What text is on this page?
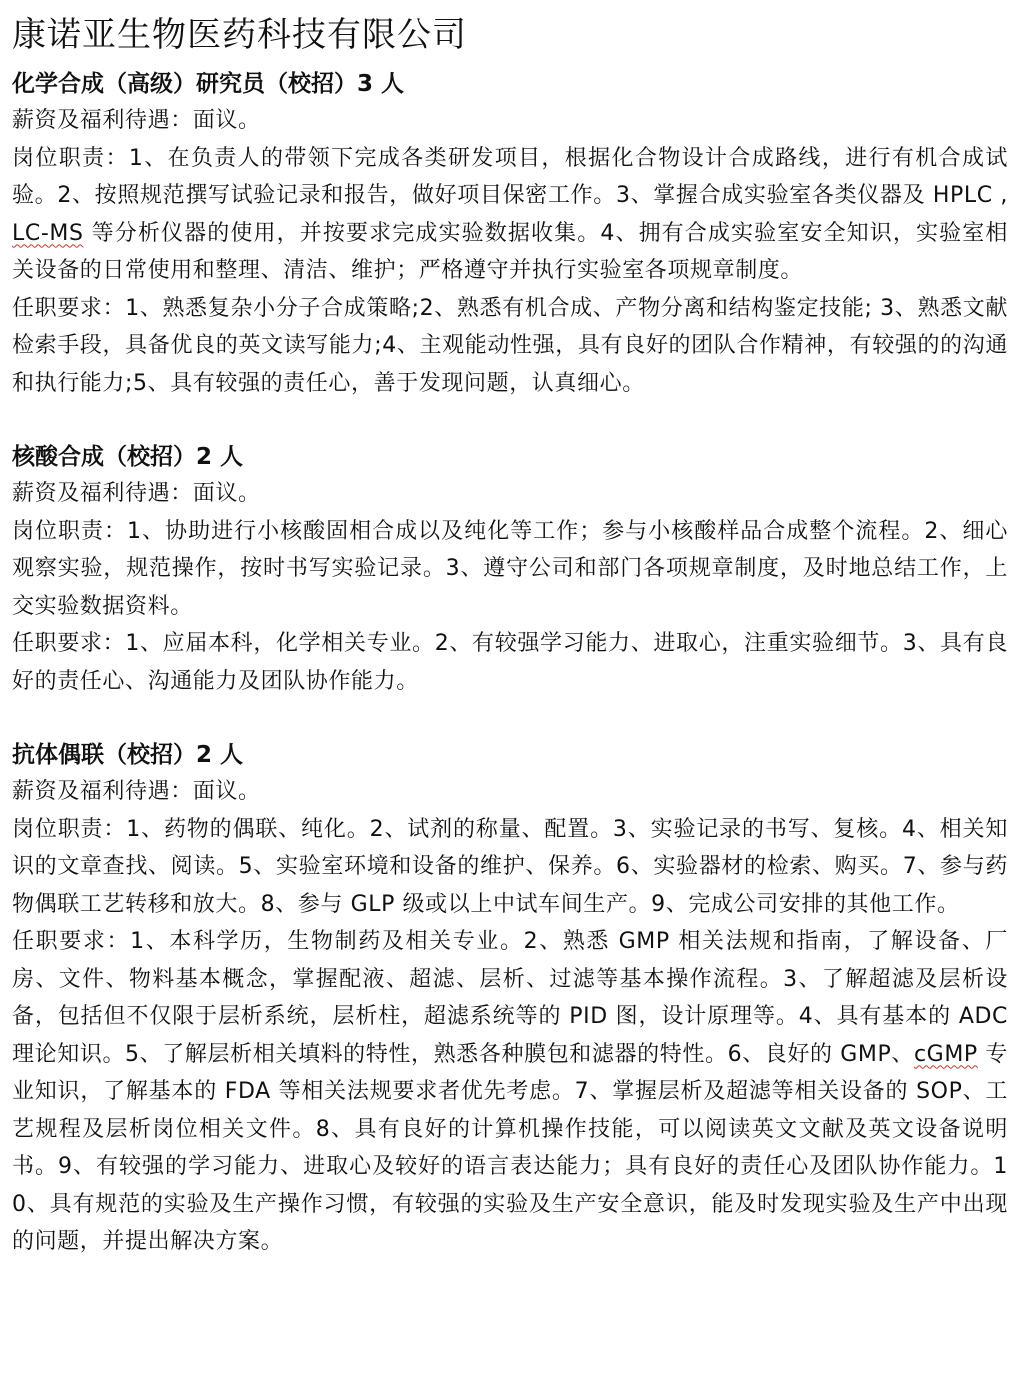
康诺亚生物医药科技有限公司
化学合成（高级）研究员（校招）3 人

薪资及福利待遇：面议。

岗位职责：1、在负责人的带领下完成各类研发项目，根据化合物设计合成路线，进行有机合成试验。2、按照规范撰写试验记录和报告，做好项目保密工作。3、掌握合成实验室各类仪器及 HPLC , LC-MS 等分析仪器的使用，并按要求完成实验数据收集。4、拥有合成实验室安全知识，实验室相关设备的日常使用和整理、清洁、维护；严格遵守并执行实验室各项规章制度。

任职要求：1、熟悉复杂小分子合成策略;2、熟悉有机合成、产物分离和结构鉴定技能; 3、熟悉文献检索手段，具备优良的英文读写能力;4、主观能动性强，具有良好的团队合作精神，有较强的的沟通和执行能力;5、具有较强的责任心，善于发现问题，认真细心。

核酸合成（校招）2 人

薪资及福利待遇：面议。

岗位职责：1、协助进行小核酸固相合成以及纯化等工作；参与小核酸样品合成整个流程。2、细心观察实验，规范操作，按时书写实验记录。3、遵守公司和部门各项规章制度，及时地总结工作，上交实验数据资料。

任职要求：1、应届本科，化学相关专业。2、有较强学习能力、进取心，注重实验细节。3、具有良好的责任心、沟通能力及团队协作能力。

抗体偶联（校招）2 人

薪资及福利待遇：面议。

岗位职责：1、药物的偶联、纯化。2、试剂的称量、配置。3、实验记录的书写、复核。4、相关知识的文章查找、阅读。5、实验室环境和设备的维护、保养。6、实验器材的检索、购买。7、参与药物偶联工艺转移和放大。8、参与 GLP 级或以上中试车间生产。9、完成公司安排的其他工作。

任职要求：1、本科学历，生物制药及相关专业。2、熟悉 GMP 相关法规和指南，了解设备、厂房、文件、物料基本概念，掌握配液、超滤、层析、过滤等基本操作流程。3、了解超滤及层析设备，包括但不仅限于层析系统，层析柱，超滤系统等的 PID 图，设计原理等。4、具有基本的 ADC 理论知识。5、了解层析相关填料的特性，熟悉各种膜包和滤器的特性。6、良好的 GMP、cGMP 专业知识，了解基本的 FDA 等相关法规要求者优先考虑。7、掌握层析及超滤等相关设备的 SOP、工艺规程及层析岗位相关文件。8、具有良好的计算机操作技能，可以阅读英文文献及英文设备说明书。9、有较强的学习能力、进取心及较好的语言表达能力；具有良好的责任心及团队协作能力。10、具有规范的实验及生产操作习惯，有较强的实验及生产安全意识，能及时发现实验及生产中出现的问题，并提出解决方案。
